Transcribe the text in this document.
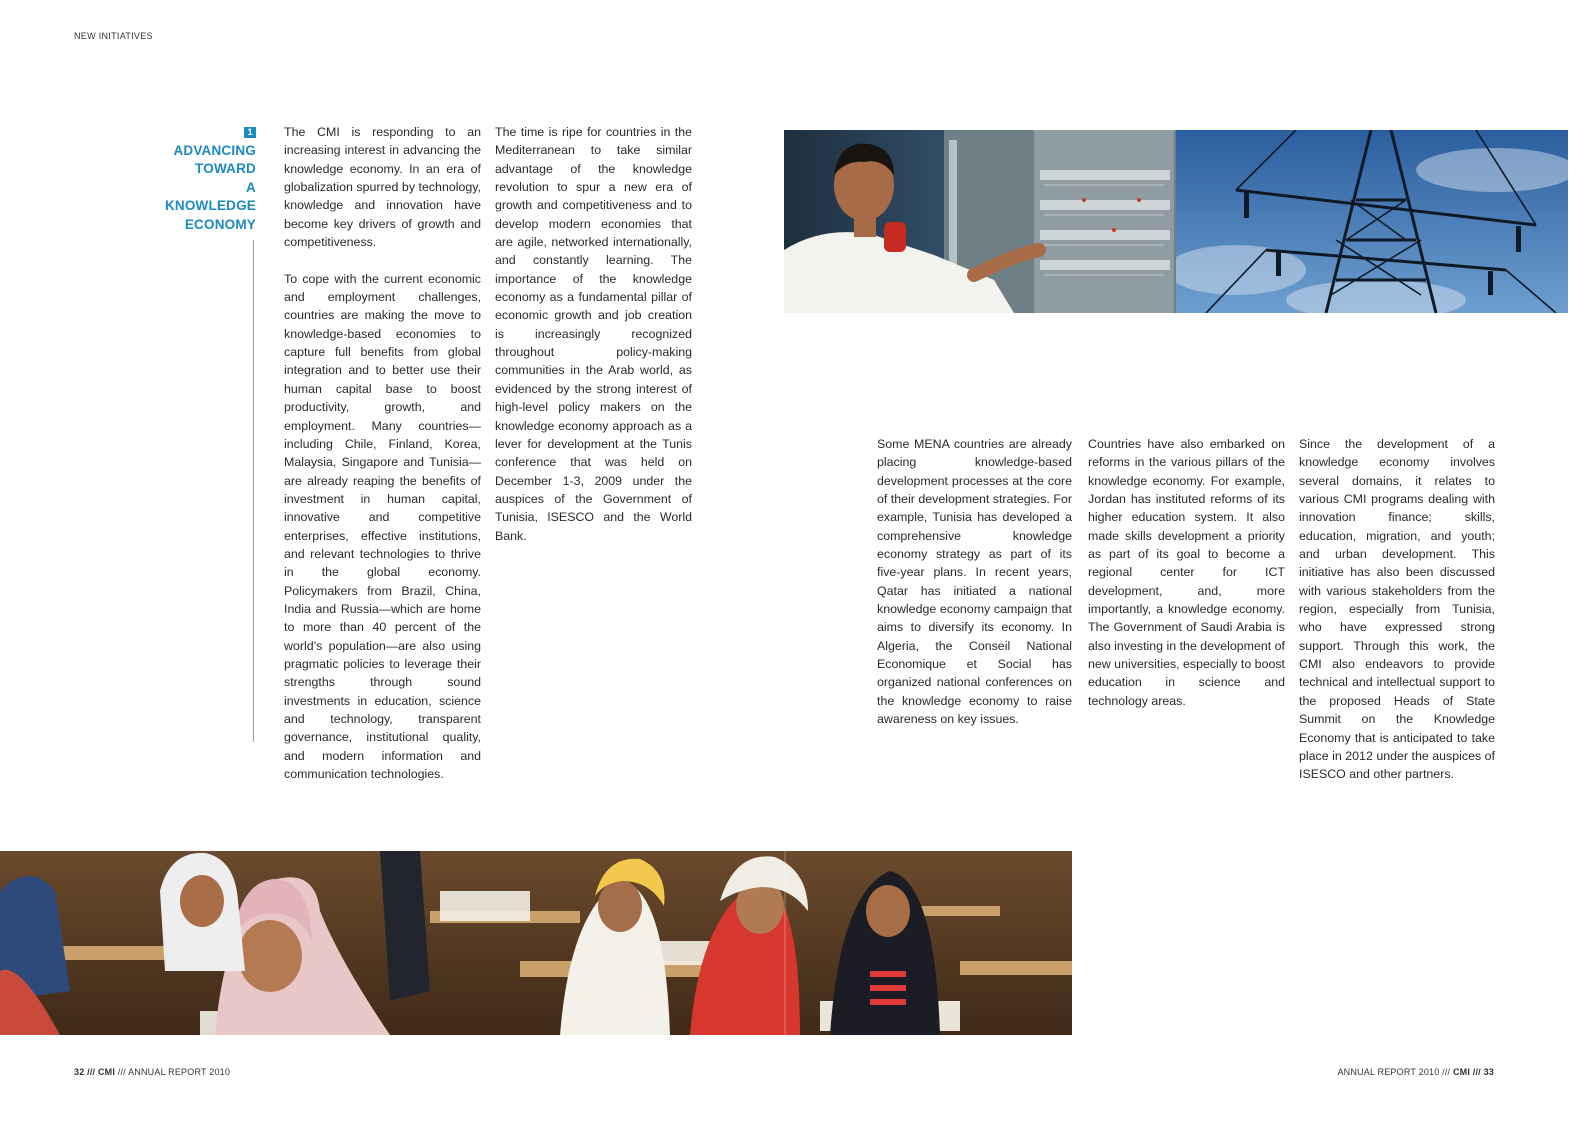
NEW INITIATIVES
1
ADVANCING
TOWARD
A
KNOWLEDGE
ECONOMY

The CMI is responding to an increasing interest in advancing the knowledge economy. In an era of globalization spurred by technology, knowledge and innovation have become key drivers of growth and competitiveness.

To cope with the current economic and employment challenges, countries are making the move to knowledge-based economies to capture full benefits from global integration and to better use their human capital base to boost productivity, growth, and employment. Many countries—including Chile, Finland, Korea, Malaysia, Singapore and Tunisia—are already reaping the benefits of investment in human capital, innovative and competitive enterprises, effective institutions, and relevant technologies to thrive in the global economy. Policymakers from Brazil, China, India and Russia—which are home to more than 40 percent of the world’s population—are also using pragmatic policies to leverage their strengths through sound investments in education, science and technology, transparent governance, institutional quality, and modern information and communication technologies.

The time is ripe for countries in the Mediterranean to take similar advantage of the knowledge revolution to spur a new era of growth and competitiveness and to develop modern economies that are agile, networked internationally, and constantly learning. The importance of the knowledge economy as a fundamental pillar of economic growth and job creation is increasingly recognized throughout policy-making communities in the Arab world, as evidenced by the strong interest of high-level policy makers on the knowledge economy approach as a lever for development at the Tunis conference that was held on December 1-3, 2009 under the auspices of the Government of Tunisia, ISESCO and the World Bank.

Some MENA countries are already placing knowledge-based development processes at the core of their development strategies. For example, Tunisia has developed a comprehensive knowledge economy strategy as part of its five-year plans. In recent years, Qatar has initiated a national knowledge economy campaign that aims to diversify its economy. In Algeria, the Conseil National Economique et Social has organized national conferences on the knowledge economy to raise awareness on key issues.

Countries have also embarked on reforms in the various pillars of the knowledge economy. For example, Jordan has instituted reforms of its higher education system. It also made skills development a priority as part of its goal to become a regional center for ICT development, and, more importantly, a knowledge economy. The Government of Saudi Arabia is also investing in the development of new universities, especially to boost education in science and technology areas.

Since the development of a knowledge economy involves several domains, it relates to various CMI programs dealing with innovation finance; skills, education, migration, and youth; and urban development. This initiative has also been discussed with various stakeholders from the region, especially from Tunisia, who have expressed strong support. Through this work, the CMI also endeavors to provide technical and intellectual support to the proposed Heads of State Summit on the Knowledge Economy that is anticipated to take place in 2012 under the auspices of ISESCO and other partners.

32 /// CMI /// ANNUAL REPORT 2010	ANNUAL REPORT 2010 /// CMI /// 33
